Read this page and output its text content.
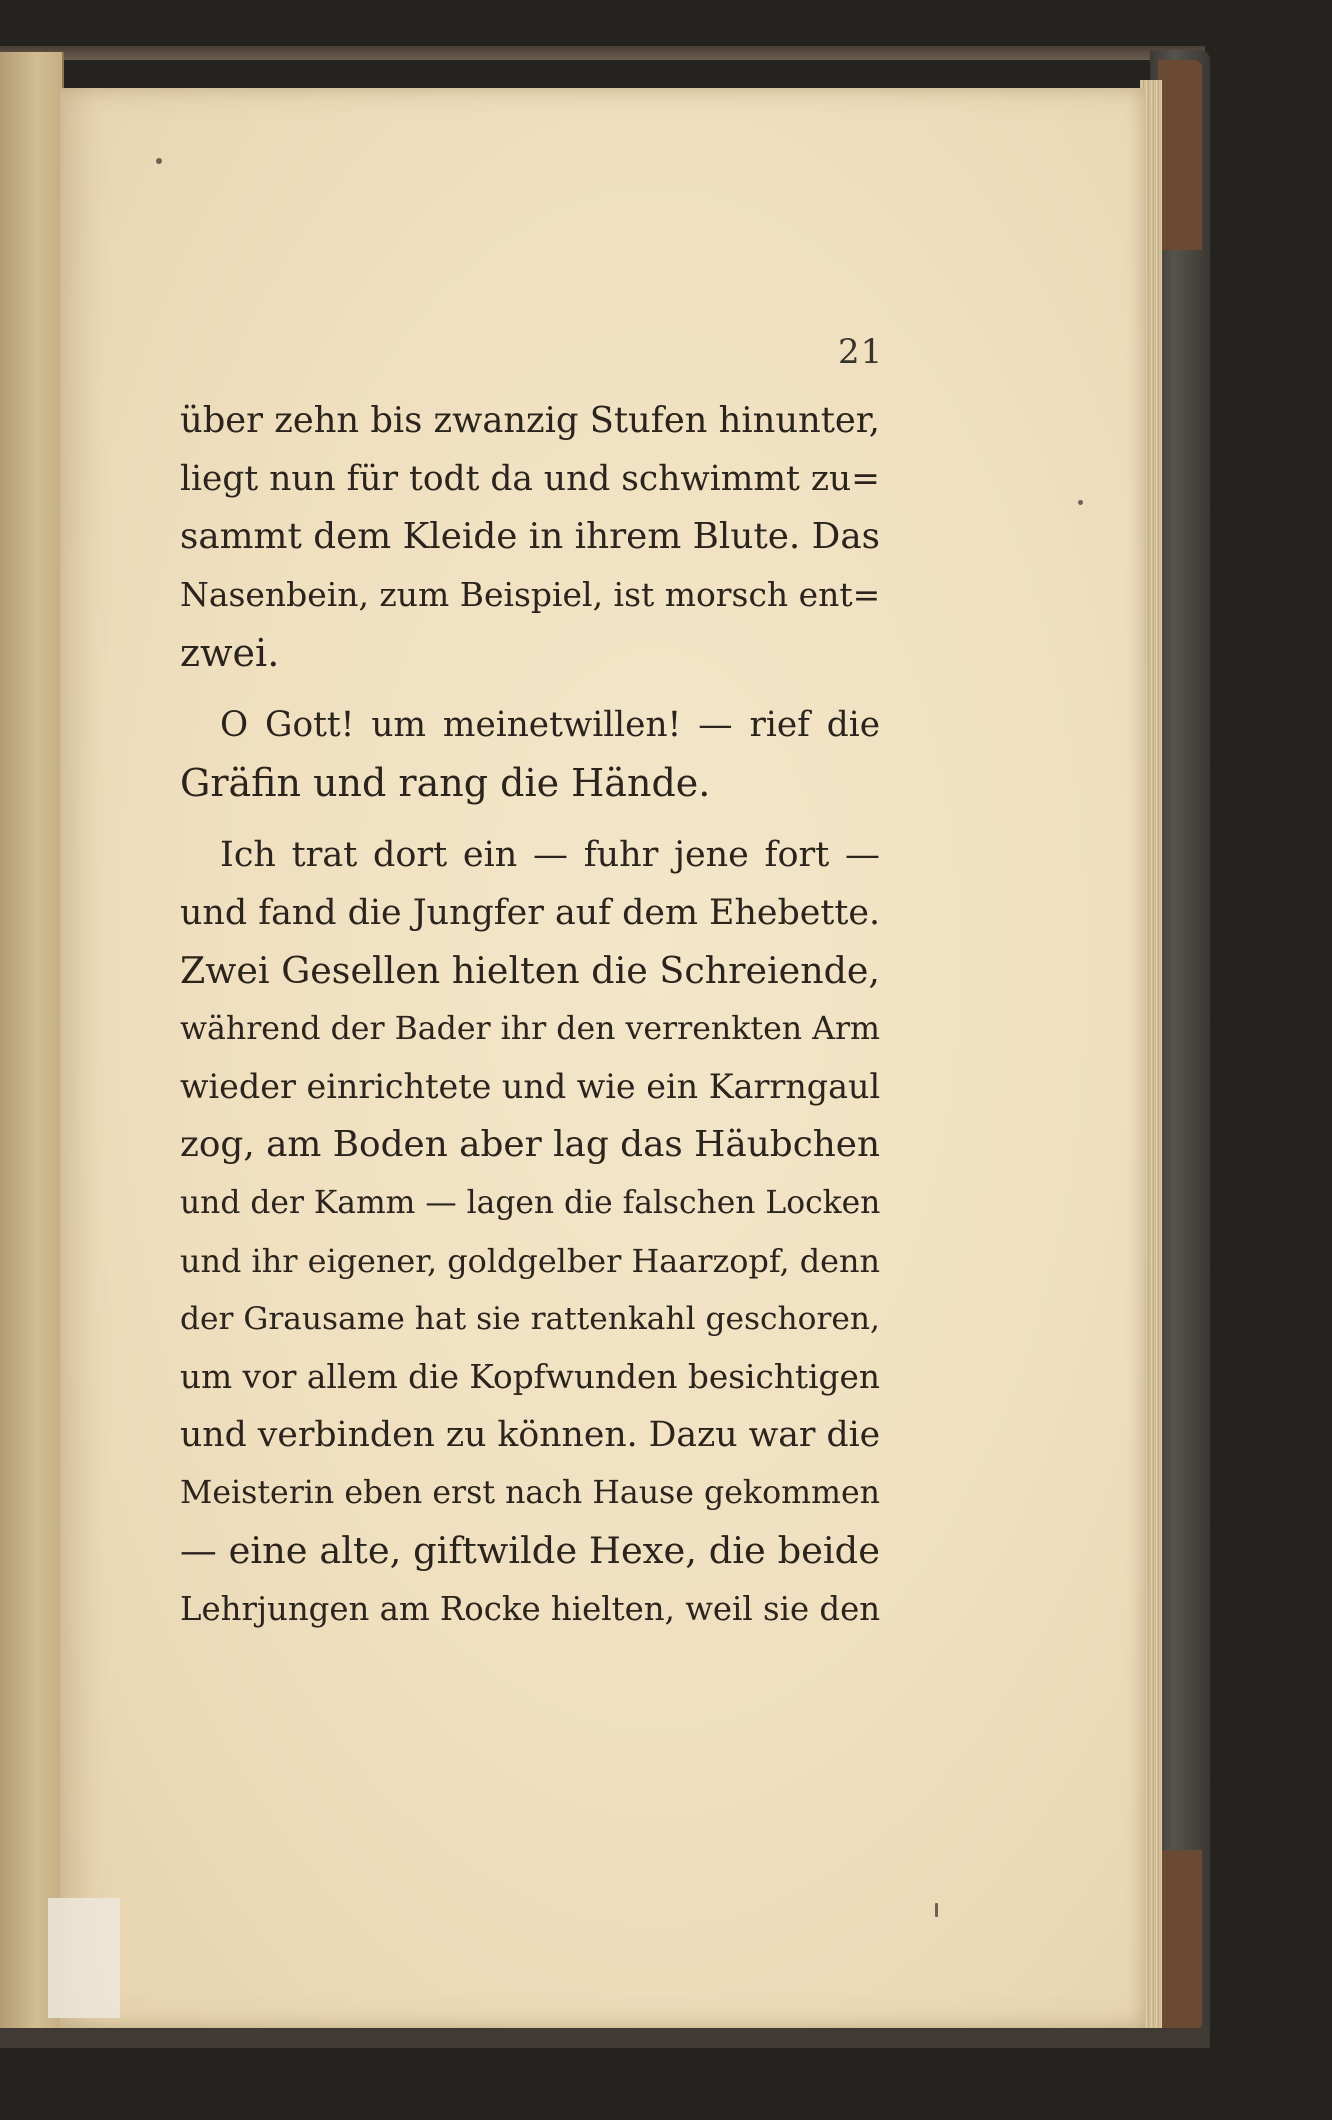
21
über zehn bis zwanzig Stufen hinunter,
liegt nun für todt da und schwimmt zu=
sammt dem Kleide in ihrem Blute. Das
Nasenbein, zum Beispiel, ist morsch ent=
zwei.
O Gott! um meinetwillen! — rief die
Gräfin und rang die Hände.
Ich trat dort ein — fuhr jene fort —
und fand die Jungfer auf dem Ehebette.
Zwei Gesellen hielten die Schreiende,
während der Bader ihr den verrenkten Arm
wieder einrichtete und wie ein Karrngaul
zog, am Boden aber lag das Häubchen
und der Kamm — lagen die falschen Locken
und ihr eigener, goldgelber Haarzopf, denn
der Grausame hat sie rattenkahl geschoren,
um vor allem die Kopfwunden besichtigen
und verbinden zu können. Dazu war die
Meisterin eben erst nach Hause gekommen
— eine alte, giftwilde Hexe, die beide
Lehrjungen am Rocke hielten, weil sie den
